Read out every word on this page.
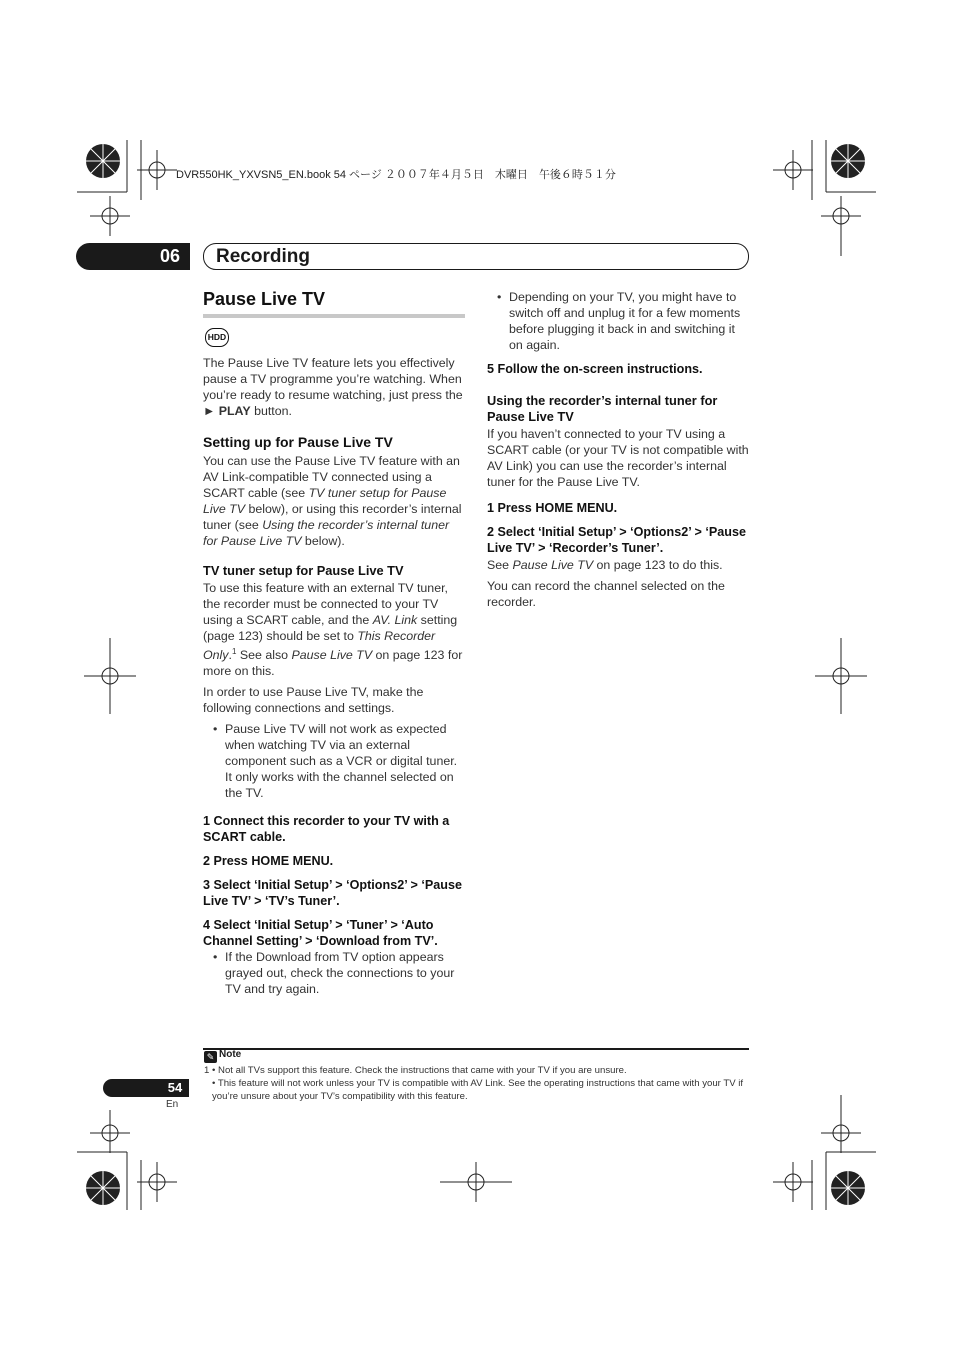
DVR550HK_YXVSN5_EN.book 54 ページ ２００７年４月５日　木曜日　午後６時５１分
06	Recording
Pause Live TV
HDD

The Pause Live TV feature lets you effectively pause a TV programme you’re watching. When you’re ready to resume watching, just press the ► PLAY button.

Setting up for Pause Live TV

You can use the Pause Live TV feature with an AV Link-compatible TV connected using a SCART cable (see TV tuner setup for Pause Live TV below), or using this recorder’s internal tuner (see Using the recorder’s internal tuner for Pause Live TV below).

TV tuner setup for Pause Live TV

To use this feature with an external TV tuner, the recorder must be connected to your TV using a SCART cable, and the AV. Link setting (page 123) should be set to This Recorder Only.$^1$ See also Pause Live TV on page 123 for more on this.

In order to use Pause Live TV, make the following connections and settings.

• Pause Live TV will not work as expected when watching TV via an external component such as a VCR or digital tuner. It only works with the channel selected on the TV.
1 Connect this recorder to your TV with a SCART cable.
2 Press HOME MENU.
3 Select ‘Initial Setup’ > ‘Options2’ > ‘Pause Live TV’ > ‘TV’s Tuner’.
4 Select ‘Initial Setup’ > ‘Tuner’ > ‘Auto Channel Setting’ > ‘Download from TV’.
• If the Download from TV option appears grayed out, check the connections to your TV and try again.
• Depending on your TV, you might have to switch off and unplug it for a few moments before plugging it back in and switching it on again.
5 Follow the on-screen instructions.
Using the recorder’s internal tuner for Pause Live TV

If you haven’t connected to your TV using a SCART cable (or your TV is not compatible with AV Link) you can use the recorder’s internal tuner for the Pause Live TV.

1 Press HOME MENU.
2 Select ‘Initial Setup’ > ‘Options2’ > ‘Pause Live TV’ > ‘Recorder’s Tuner’.

See Pause Live TV on page 123 to do this.

You can record the channel selected on the recorder.

✎ Note
1 • Not all TVs support this feature. Check the instructions that came with your TV if you are unsure.
• This feature will not work unless your TV is compatible with AV Link. See the operating instructions that came with your TV if you’re unsure about your TV’s compatibility with this feature.
54
En
